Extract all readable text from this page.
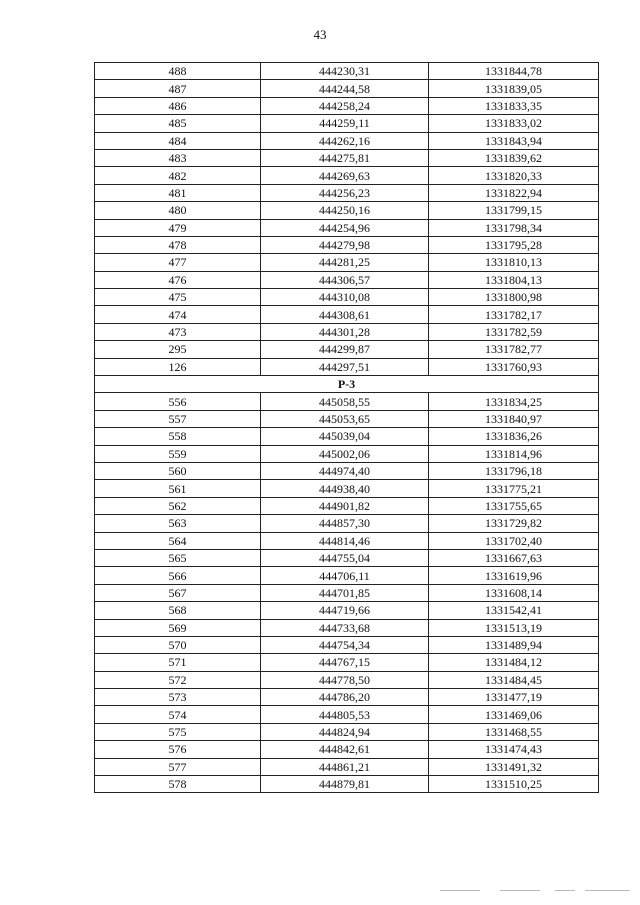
43
488	444230,31	1331844,78
487	444244,58	1331839,05
486	444258,24	1331833,35
485	444259,11	1331833,02
484	444262,16	1331843,94
483	444275,81	1331839,62
482	444269,63	1331820,33
481	444256,23	1331822,94
480	444250,16	1331799,15
479	444254,96	1331798,34
478	444279,98	1331795,28
477	444281,25	1331810,13
476	444306,57	1331804,13
475	444310,08	1331800,98
474	444308,61	1331782,17
473	444301,28	1331782,59
295	444299,87	1331782,77
126	444297,51	1331760,93
Р-3		
556	445058,55	1331834,25
557	445053,65	1331840,97
558	445039,04	1331836,26
559	445002,06	1331814,96
560	444974,40	1331796,18
561	444938,40	1331775,21
562	444901,82	1331755,65
563	444857,30	1331729,82
564	444814,46	1331702,40
565	444755,04	1331667,63
566	444706,11	1331619,96
567	444701,85	1331608,14
568	444719,66	1331542,41
569	444733,68	1331513,19
570	444754,34	1331489,94
571	444767,15	1331484,12
572	444778,50	1331484,45
573	444786,20	1331477,19
574	444805,53	1331469,06
575	444824,94	1331468,55
576	444842,61	1331474,43
577	444861,21	1331491,32
578	444879,81	1331510,25
